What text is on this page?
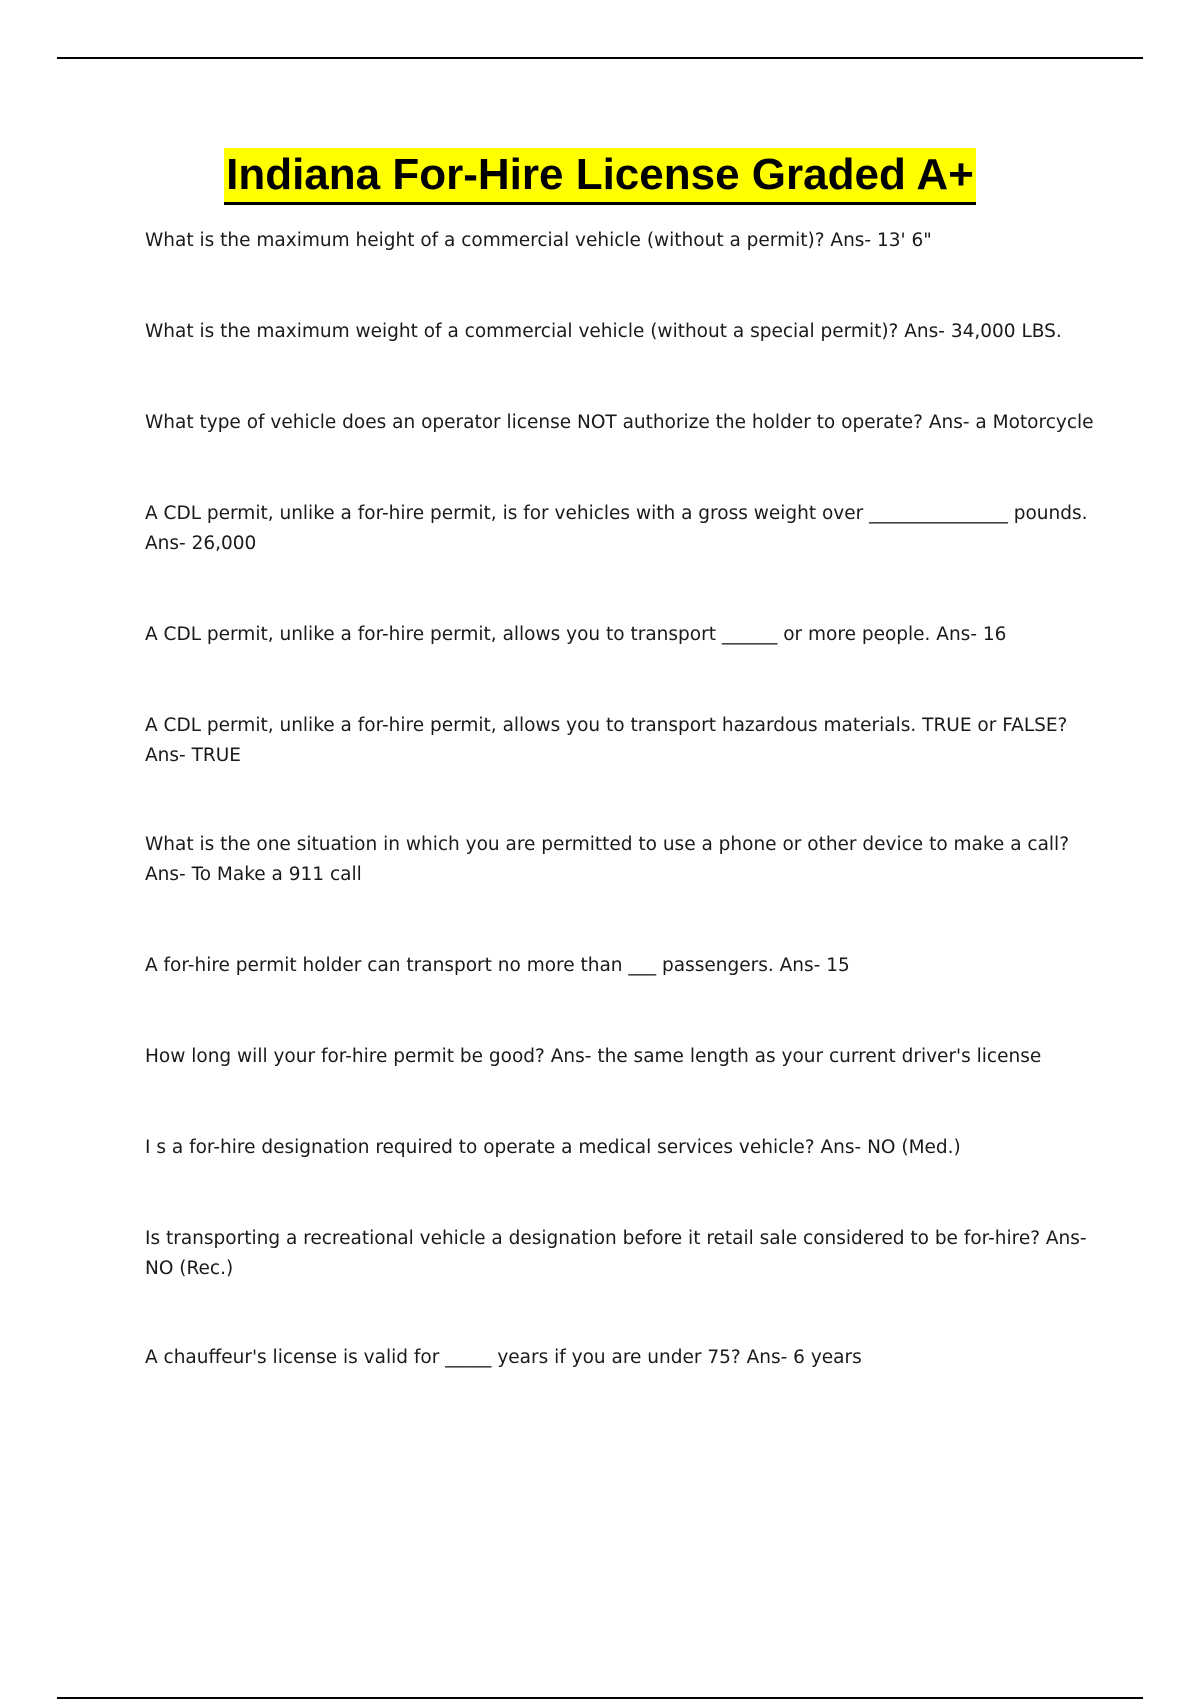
Indiana For-Hire License Graded A+

What is the maximum height of a commercial vehicle (without a permit)? Ans- 13' 6"

What is the maximum weight of a commercial vehicle (without a special permit)? Ans- 34,000 LBS.

What type of vehicle does an operator license NOT authorize the holder to operate? Ans- a Motorcycle

A CDL permit, unlike a for-hire permit, is for vehicles with a gross weight over _______________ pounds. Ans- 26,000

A CDL permit, unlike a for-hire permit, allows you to transport ______ or more people. Ans- 16

A CDL permit, unlike a for-hire permit, allows you to transport hazardous materials. TRUE or FALSE? Ans- TRUE

What is the one situation in which you are permitted to use a phone or other device to make a call? Ans- To Make a 911 call

A for-hire permit holder can transport no more than ___ passengers. Ans- 15

How long will your for-hire permit be good? Ans- the same length as your current driver's license

I s a for-hire designation required to operate a medical services vehicle? Ans- NO (Med.)

Is transporting a recreational vehicle a designation before it retail sale considered to be for-hire? Ans- NO (Rec.)

A chauffeur's license is valid for _____ years if you are under 75? Ans- 6 years
